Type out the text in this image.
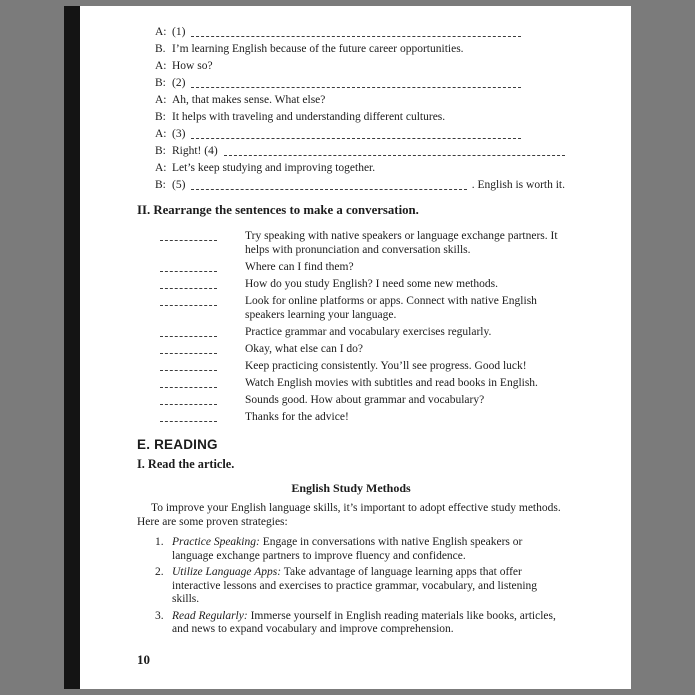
A: (1)
B. I’m learning English because of the future career opportunities.
A: How so?
B: (2)
A: Ah, that makes sense. What else?
B: It helps with traveling and understanding different cultures.
A: (3)
B: Right! (4)
A: Let’s keep studying and improving together.
B: (5)	. English is worth it.
II. Rearrange the sentences to make a conversation.
Try speaking with native speakers or language exchange partners. It helps with pronunciation and conversation skills.
Where can I find them?
How do you study English? I need some new methods.
Look for online platforms or apps. Connect with native English speakers learning your language.
Practice grammar and vocabulary exercises regularly.
Okay, what else can I do?
Keep practicing consistently. You’ll see progress. Good luck!
Watch English movies with subtitles and read books in English.
Sounds good. How about grammar and vocabulary?
Thanks for the advice!
E. READING
I. Read the article.
English Study Methods
To improve your English language skills, it’s important to adopt effective study methods. Here are some proven strategies:
1. Practice Speaking: Engage in conversations with native English speakers or language exchange partners to improve fluency and confidence.
2. Utilize Language Apps: Take advantage of language learning apps that offer interactive lessons and exercises to practice grammar, vocabulary, and listening skills.
3. Read Regularly: Immerse yourself in English reading materials like books, articles, and news to expand vocabulary and improve comprehension.
10
